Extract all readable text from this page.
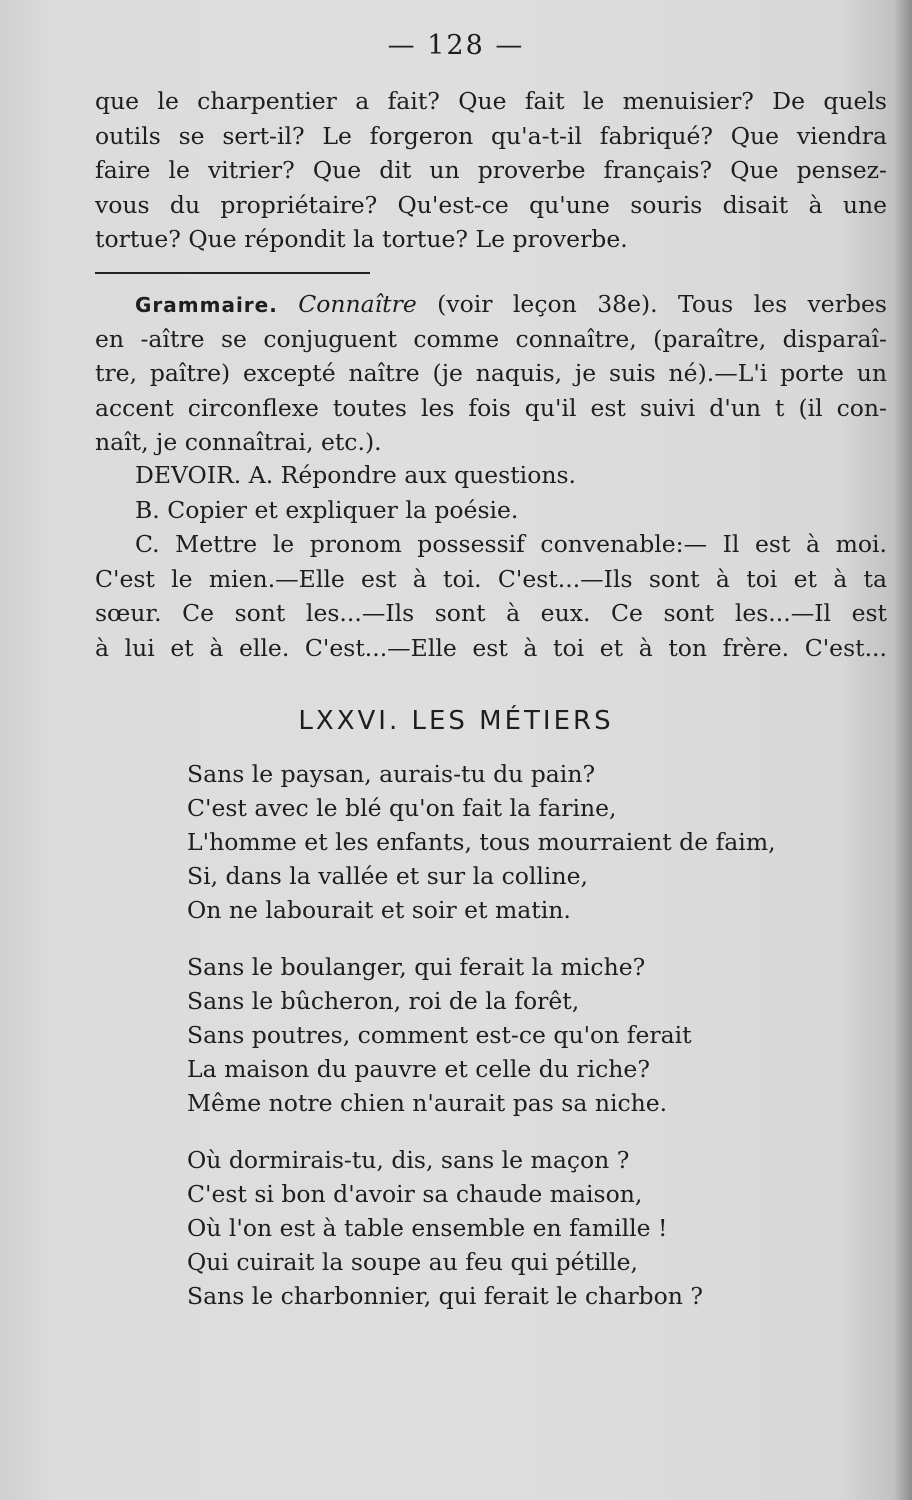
— 128 —
que le charpentier a fait? Que fait le menuisier? De quels
outils se sert-il? Le forgeron qu'a-t-il fabriqué? Que viendra
faire le vitrier? Que dit un proverbe français? Que pensez-
vous du propriétaire? Qu'est-ce qu'une souris disait à une
tortue? Que répondit la tortue? Le proverbe.
Grammaire. Connaître (voir leçon 38e). Tous les verbes
en -aître se conjuguent comme connaître, (paraître, disparaî-
tre, paître) excepté naître (je naquis, je suis né).—L'i porte un
accent circonflexe toutes les fois qu'il est suivi d'un t (il con-
naît, je connaîtrai, etc.).
DEVOIR. A. Répondre aux questions.
B. Copier et expliquer la poésie.
C. Mettre le pronom possessif convenable:— Il est à moi.
C'est le mien.—Elle est à toi. C'est...—Ils sont à toi et à ta
sœur. Ce sont les...—Ils sont à eux. Ce sont les...—Il est
à lui et à elle. C'est...—Elle est à toi et à ton frère. C'est...
LXXVI. LES MÉTIERS
Sans le paysan, aurais-tu du pain?
C'est avec le blé qu'on fait la farine,
L'homme et les enfants, tous mourraient de faim,
Si, dans la vallée et sur la colline,
On ne labourait et soir et matin.
Sans le boulanger, qui ferait la miche?
Sans le bûcheron, roi de la forêt,
Sans poutres, comment est-ce qu'on ferait
La maison du pauvre et celle du riche?
Même notre chien n'aurait pas sa niche.
Où dormirais-tu, dis, sans le maçon ?
C'est si bon d'avoir sa chaude maison,
Où l'on est à table ensemble en famille !
Qui cuirait la soupe au feu qui pétille,
Sans le charbonnier, qui ferait le charbon ?
